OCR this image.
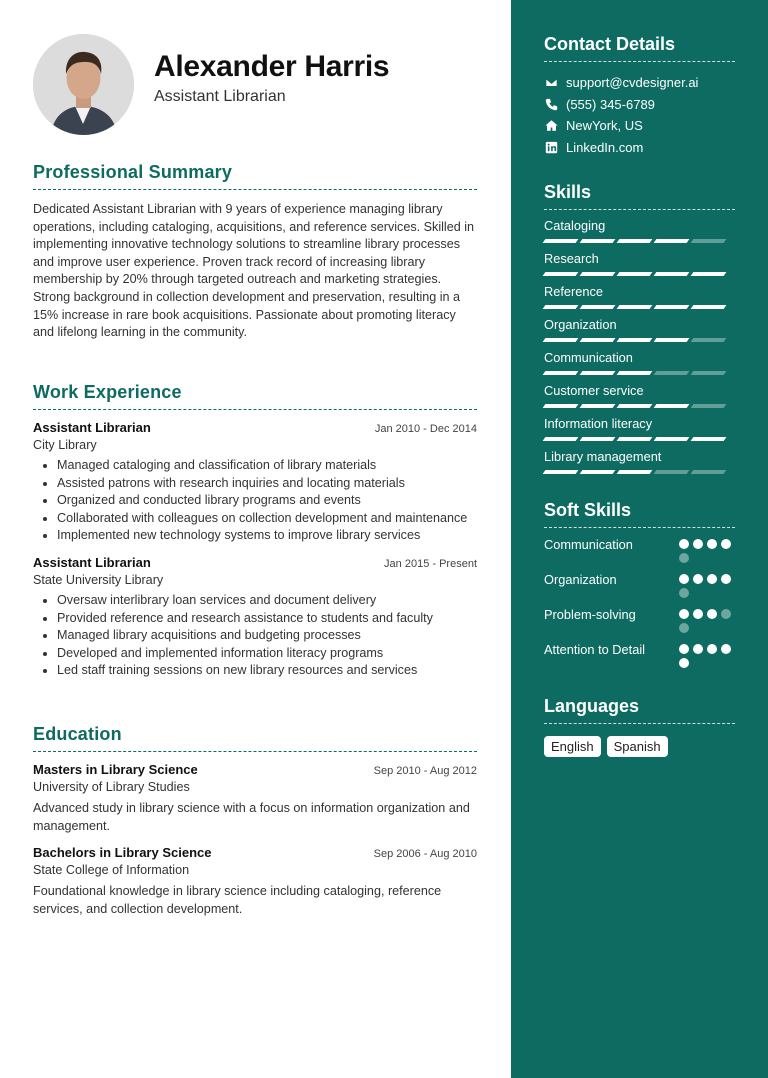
Alexander Harris
Assistant Librarian
Professional Summary
Dedicated Assistant Librarian with 9 years of experience managing library operations, including cataloging, acquisitions, and reference services. Skilled in implementing innovative technology solutions to streamline library processes and improve user experience. Proven track record of increasing library membership by 20% through targeted outreach and marketing strategies. Strong background in collection development and preservation, resulting in a 15% increase in rare book acquisitions. Passionate about promoting literacy and lifelong learning in the community.
Work Experience
Assistant Librarian	Jan 2010 - Dec 2014
City Library
• Managed cataloging and classification of library materials
• Assisted patrons with research inquiries and locating materials
• Organized and conducted library programs and events
• Collaborated with colleagues on collection development and maintenance
• Implemented new technology systems to improve library services
Assistant Librarian	Jan 2015 - Present
State University Library
• Oversaw interlibrary loan services and document delivery
• Provided reference and research assistance to students and faculty
• Managed library acquisitions and budgeting processes
• Developed and implemented information literacy programs
• Led staff training sessions on new library resources and services
Education
Masters in Library Science	Sep 2010 - Aug 2012
University of Library Studies
Advanced study in library science with a focus on information organization and management.
Bachelors in Library Science	Sep 2006 - Aug 2010
State College of Information
Foundational knowledge in library science including cataloging, reference services, and collection development.
Contact Details
support@cvdesigner.ai
(555) 345-6789
NewYork, US
LinkedIn.com
Skills
Cataloging
Research
Reference
Organization
Communication
Customer service
Information literacy
Library management
Soft Skills
Communication
Organization
Problem-solving
Attention to Detail
Languages
English	Spanish
